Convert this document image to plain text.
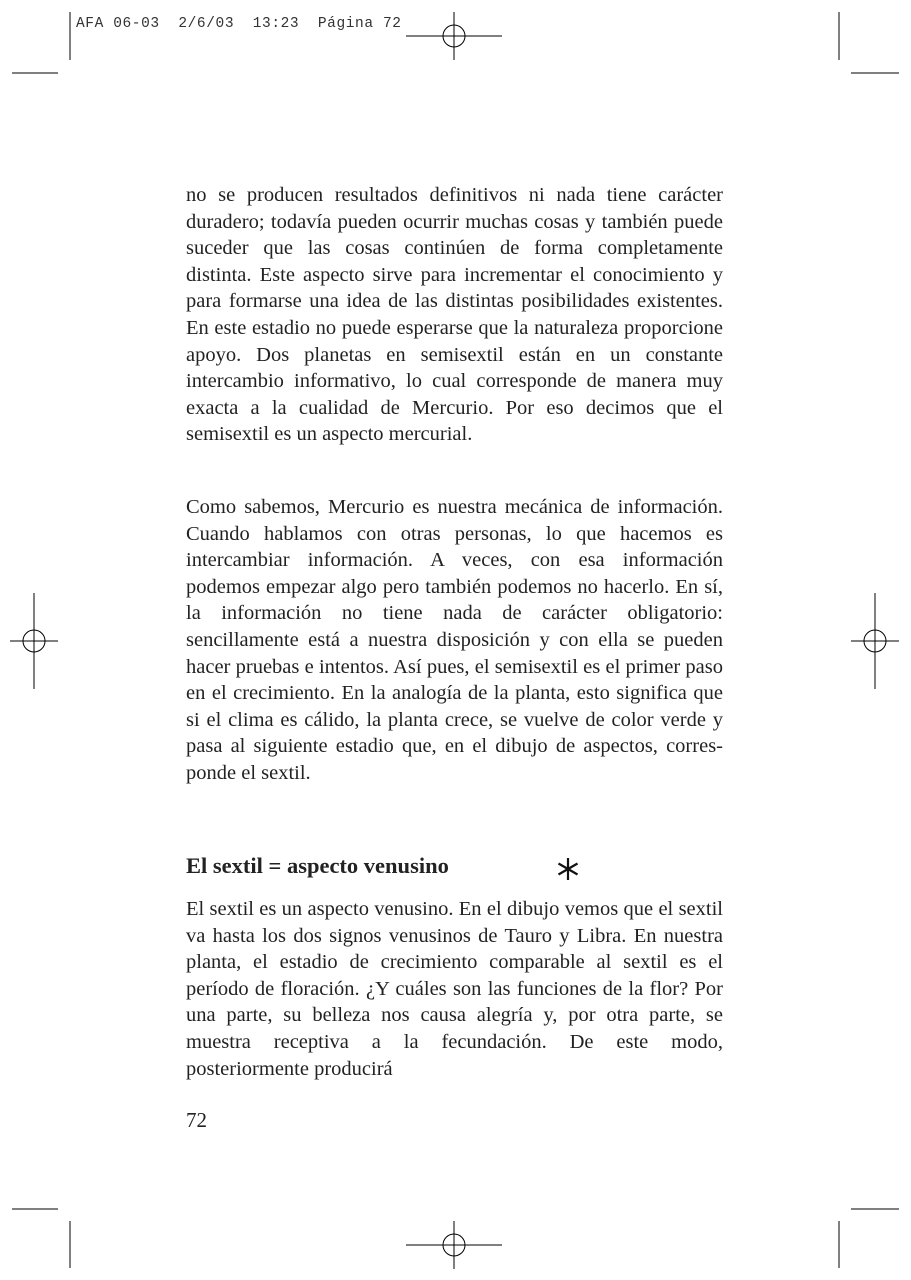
AFA 06-03  2/6/03  13:23  Página 72

no se producen resultados definitivos ni nada tiene carácter duradero; todavía pueden ocurrir muchas cosas y también puede suceder que las cosas continúen de forma completamente distinta. Este aspecto sirve para incrementar el conocimiento y para formarse una idea de las distintas posibilidades existentes. En este estadio no puede esperarse que la naturaleza proporcione apoyo. Dos planetas en semisextil están en un constante intercambio informativo, lo cual corresponde de manera muy exacta a la cualidad de Mercurio. Por eso decimos que el semisextil es un aspecto mercurial.

Como sabemos, Mercurio es nuestra mecánica de información. Cuando hablamos con otras personas, lo que hacemos es intercambiar información. A veces, con esa información podemos empezar algo pero también podemos no hacerlo. En sí, la información no tiene nada de carácter obligatorio: sencillamente está a nuestra disposición y con ella se pueden hacer pruebas e intentos. Así pues, el semisextil es el primer paso en el crecimiento. En la analogía de la planta, esto significa que si el clima es cálido, la planta crece, se vuelve de color verde y pasa al siguiente estadio que, en el dibujo de aspectos, corresponde el sextil.

El sextil = aspecto venusino

El sextil es un aspecto venusino. En el dibujo vemos que el sextil va hasta los dos signos venusinos de Tauro y Libra. En nuestra planta, el estadio de crecimiento comparable al sextil es el período de floración. ¿Y cuáles son las funciones de la flor? Por una parte, su belleza nos causa alegría y, por otra parte, se muestra receptiva a la fecundación. De este modo, posteriormente producirá

72
